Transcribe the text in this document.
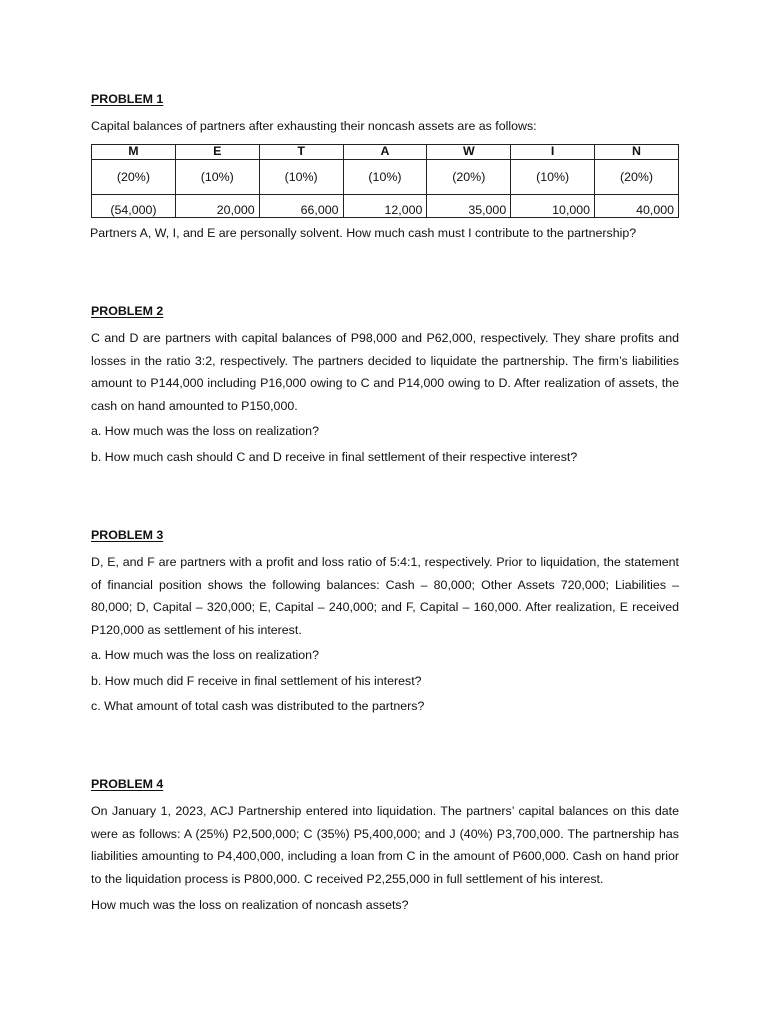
PROBLEM 1

Capital balances of partners after exhausting their noncash assets are as follows:

M	E	T	A	W	I	N
(20%)	(10%)	(10%)	(10%)	(20%)	(10%)	(20%)
(54,000)	20,000	66,000	12,000	35,000	10,000	40,000

Partners A, W, I, and E are personally solvent. How much cash must I contribute to the partnership?

PROBLEM 2

C and D are partners with capital balances of P98,000 and P62,000, respectively. They share profits and losses in the ratio 3:2, respectively. The partners decided to liquidate the partnership. The firm’s liabilities amount to P144,000 including P16,000 owing to C and P14,000 owing to D. After realization of assets, the cash on hand amounted to P150,000.

a. How much was the loss on realization?

b. How much cash should C and D receive in final settlement of their respective interest?

PROBLEM 3

D, E, and F are partners with a profit and loss ratio of 5:4:1, respectively. Prior to liquidation, the statement of financial position shows the following balances: Cash – 80,000; Other Assets 720,000; Liabilities – 80,000; D, Capital – 320,000; E, Capital – 240,000; and F, Capital – 160,000. After realization, E received P120,000 as settlement of his interest.

a. How much was the loss on realization?

b. How much did F receive in final settlement of his interest?

c. What amount of total cash was distributed to the partners?

PROBLEM 4

On January 1, 2023, ACJ Partnership entered into liquidation. The partners’ capital balances on this date were as follows: A (25%) P2,500,000; C (35%) P5,400,000; and J (40%) P3,700,000. The partnership has liabilities amounting to P4,400,000, including a loan from C in the amount of P600,000. Cash on hand prior to the liquidation process is P800,000. C received P2,255,000 in full settlement of his interest.

How much was the loss on realization of noncash assets?
